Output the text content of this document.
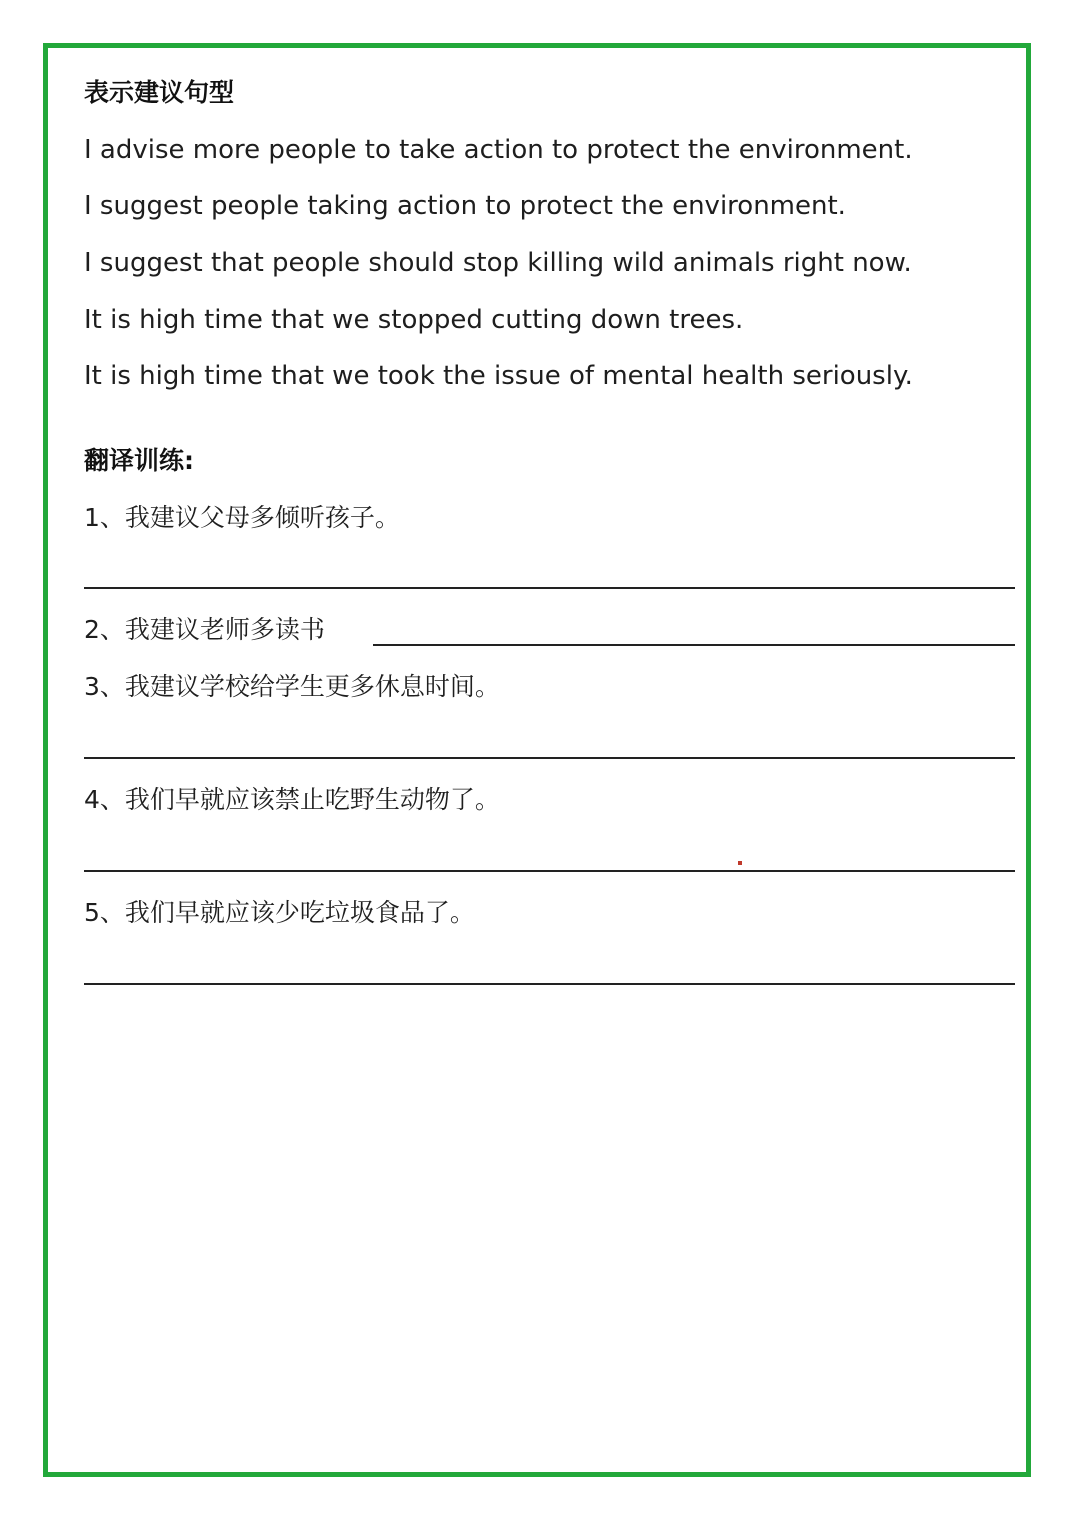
表示建议句型
I advise more people to take action to protect the environment.
I suggest people taking action to protect the environment.
I suggest that people should stop killing wild animals right now.
It is high time that we stopped cutting down trees.
It is high time that we took the issue of mental health seriously.
翻译训练:
1、我建议父母多倾听孩子。
2、我建议老师多读书
3、我建议学校给学生更多休息时间。
4、我们早就应该禁止吃野生动物了。
5、我们早就应该少吃垃圾食品了。
